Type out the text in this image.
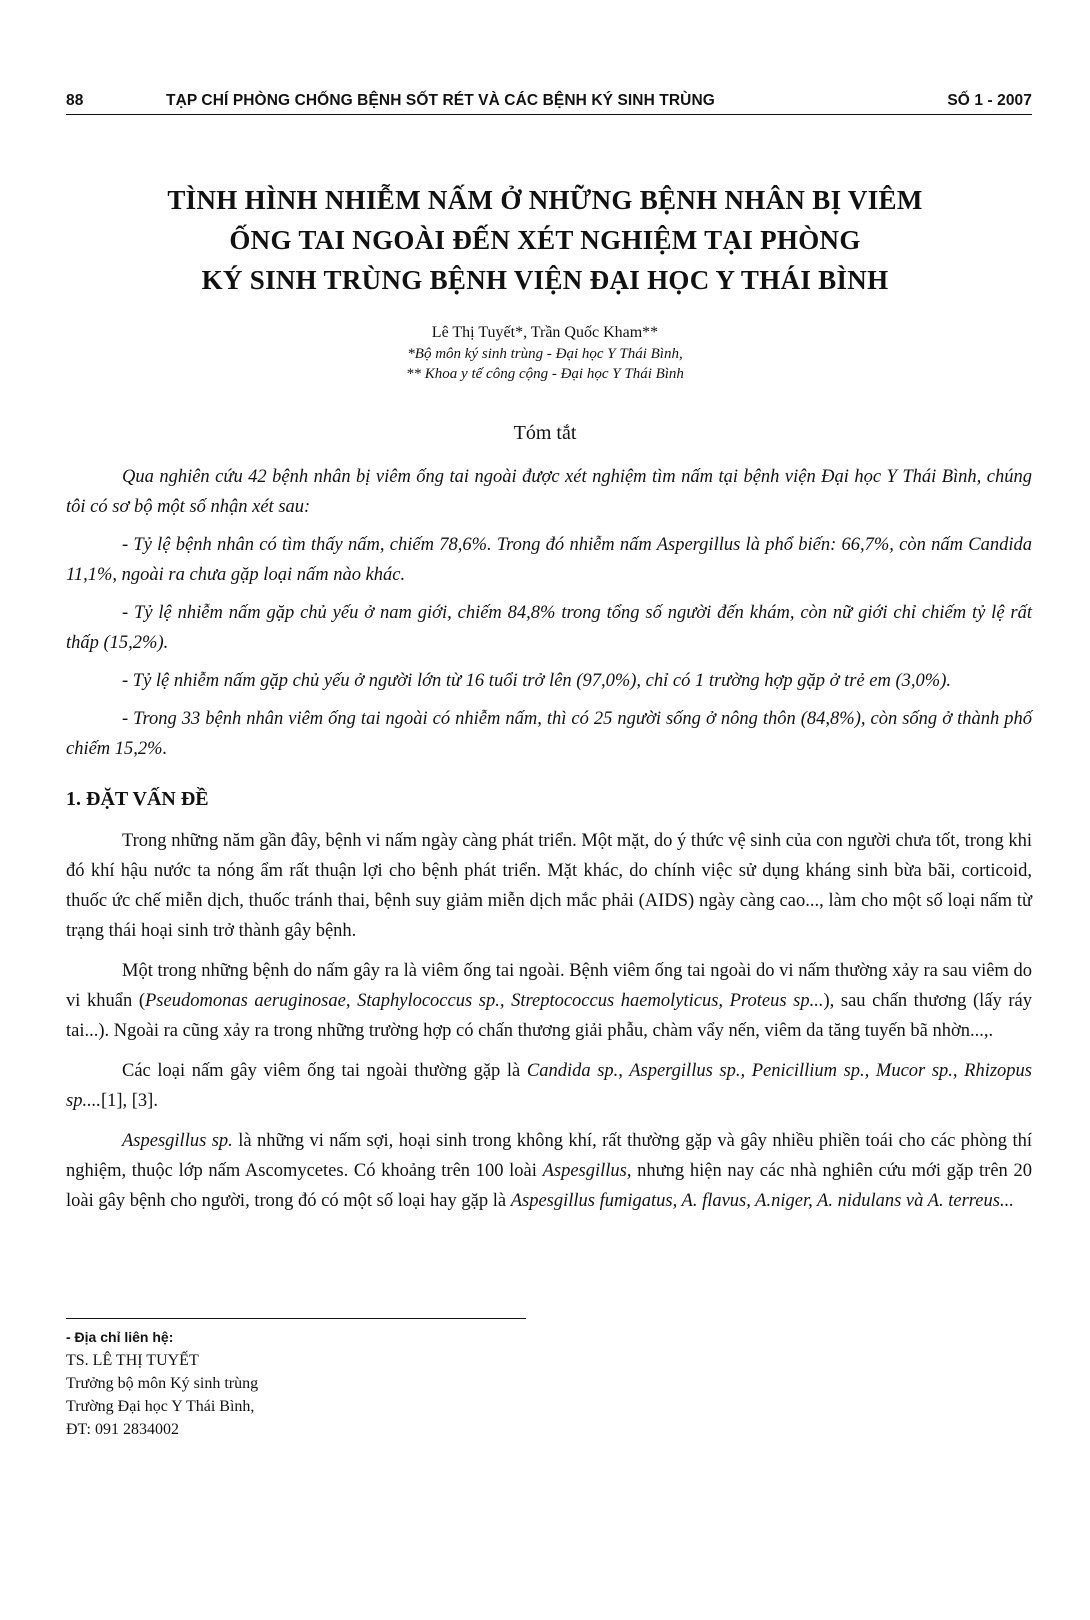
88	TẠP CHÍ PHÒNG CHỐNG BỆNH SỐT RÉT VÀ CÁC BỆNH KÝ SINH TRÙNG	SỐ 1 - 2007
TÌNH HÌNH NHIỄM NẤM Ở NHỮNG BỆNH NHÂN BỊ VIÊM
ỐNG TAI NGOÀI ĐẾN XÉT NGHIỆM TẠI PHÒNG
KÝ SINH TRÙNG BỆNH VIỆN ĐẠI HỌC Y THÁI BÌNH
Lê Thị Tuyết*, Trần Quốc Kham**
*Bộ môn ký sinh trùng - Đại học Y Thái Bình,
** Khoa y tế công cộng - Đại học Y Thái Bình
Tóm tắt

Qua nghiên cứu 42 bệnh nhân bị viêm ống tai ngoài được xét nghiệm tìm nấm tại bệnh viện Đại học Y Thái Bình, chúng tôi có sơ bộ một số nhận xét sau:

- Tỷ lệ bệnh nhân có tìm thấy nấm, chiếm 78,6%. Trong đó nhiễm nấm Aspergillus là phổ biến: 66,7%, còn nấm Candida 11,1%, ngoài ra chưa gặp loại nấm nào khác.

- Tỷ lệ nhiễm nấm gặp chủ yếu ở nam giới, chiếm 84,8% trong tổng số người đến khám, còn nữ giới chỉ chiếm tỷ lệ rất thấp (15,2%).

- Tỷ lệ nhiễm nấm gặp chủ yếu ở người lớn từ 16 tuổi trở lên (97,0%), chỉ có 1 trường hợp gặp ở trẻ em (3,0%).

- Trong 33 bệnh nhân viêm ống tai ngoài có nhiễm nấm, thì có 25 người sống ở nông thôn (84,8%), còn sống ở thành phố chiếm 15,2%.

1. ĐẶT VẤN ĐỀ

Trong những năm gần đây, bệnh vi nấm ngày càng phát triển. Một mặt, do ý thức vệ sinh của con người chưa tốt, trong khi đó khí hậu nước ta nóng ẩm rất thuận lợi cho bệnh phát triển. Mặt khác, do chính việc sử dụng kháng sinh bừa bãi, corticoid, thuốc ức chế miễn dịch, thuốc tránh thai, bệnh suy giảm miễn dịch mắc phải (AIDS) ngày càng cao..., làm cho một số loại nấm từ trạng thái hoại sinh trở thành gây bệnh.

Một trong những bệnh do nấm gây ra là viêm ống tai ngoài. Bệnh viêm ống tai ngoài do vi nấm thường xảy ra sau viêm do vi khuẩn (Pseudomonas aeruginosae, Staphylococcus sp., Streptococcus haemolyticus, Proteus sp...), sau chấn thương (lấy ráy tai...). Ngoài ra cũng xảy ra trong những trường hợp có chấn thương giải phẫu, chàm vẩy nến, viêm da tăng tuyến bã nhờn...,.

Các loại nấm gây viêm ống tai ngoài thường gặp là Candida sp., Aspergillus sp., Penicillium sp., Mucor sp., Rhizopus sp....[1], [3].

Aspesgillus sp. là những vi nấm sợi, hoại sinh trong không khí, rất thường gặp và gây nhiều phiền toái cho các phòng thí nghiệm, thuộc lớp nấm Ascomycetes. Có khoảng trên 100 loài Aspesgillus, nhưng hiện nay các nhà nghiên cứu mới gặp trên 20 loài gây bệnh cho người, trong đó có một số loại hay gặp là Aspesgillus fumigatus, A. flavus, A.niger, A. nidulans và A. terreus...

- Địa chỉ liên hệ:
TS. LÊ THỊ TUYẾT
Trưởng bộ môn Ký sinh trùng
Trường Đại học Y Thái Bình,
ĐT: 091 2834002
